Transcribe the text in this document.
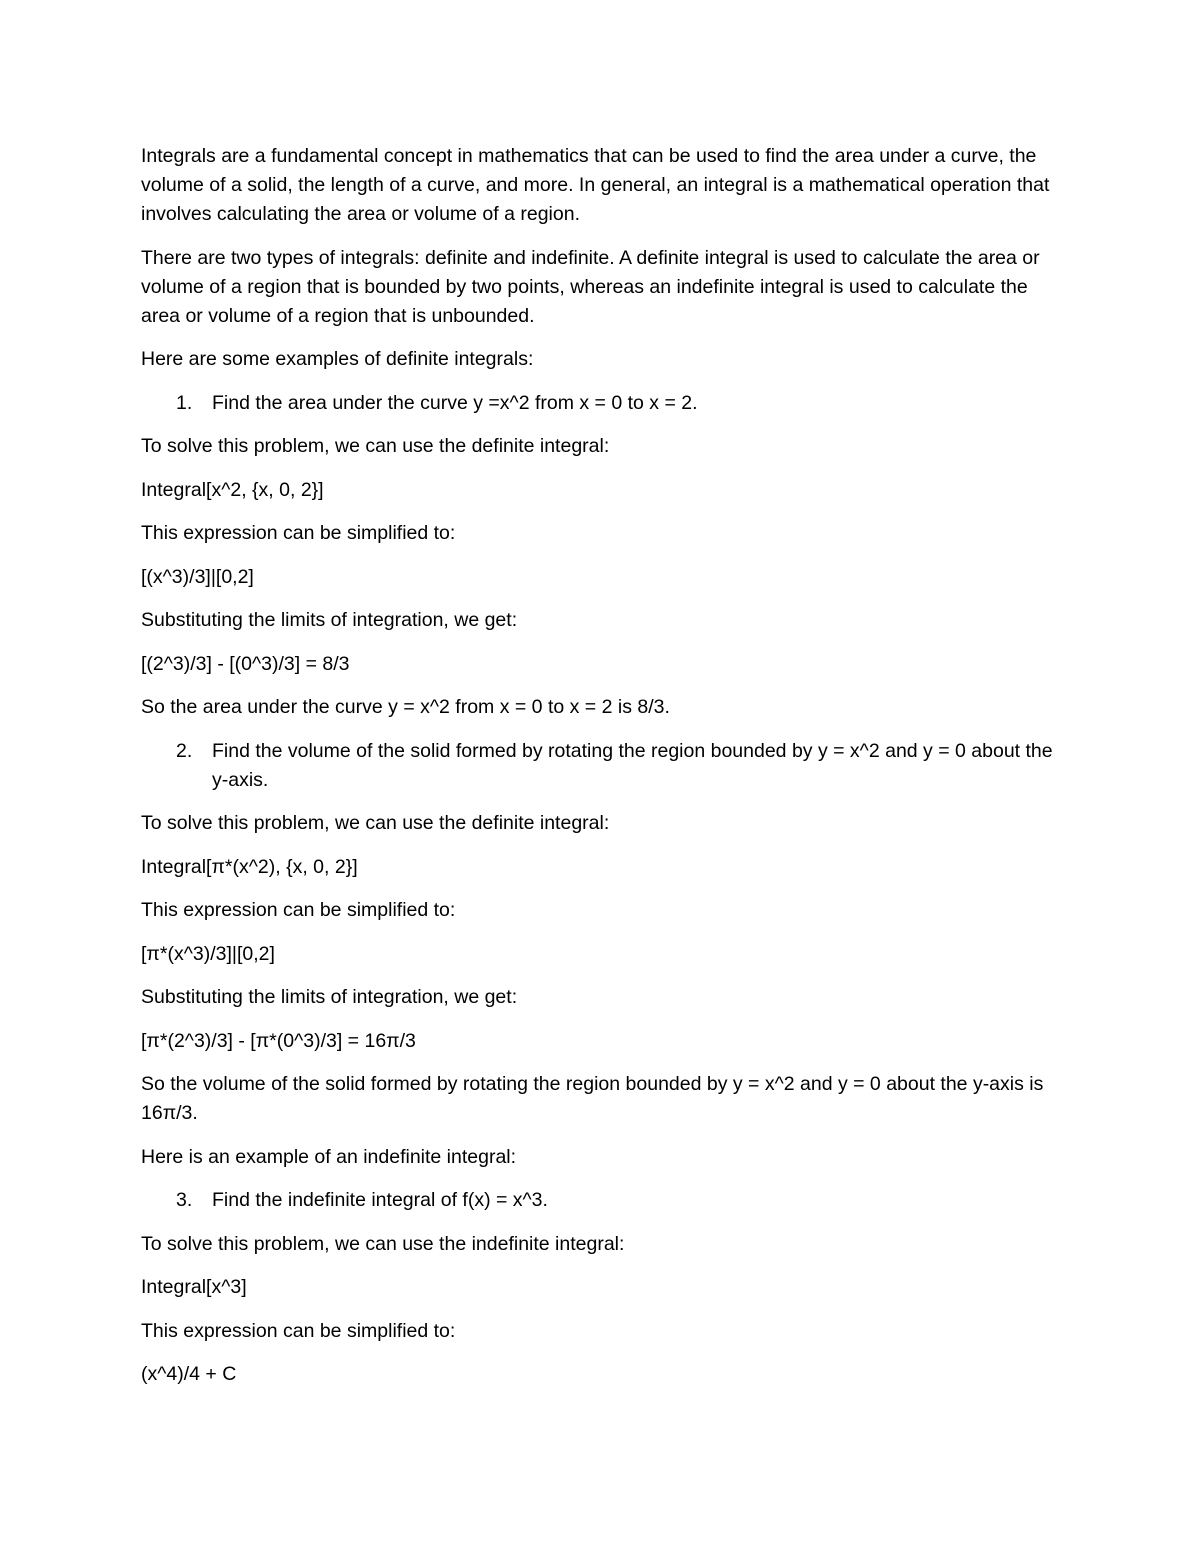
Integrals are a fundamental concept in mathematics that can be used to find the area under a curve, the volume of a solid, the length of a curve, and more. In general, an integral is a mathematical operation that involves calculating the area or volume of a region.

There are two types of integrals: definite and indefinite. A definite integral is used to calculate the area or volume of a region that is bounded by two points, whereas an indefinite integral is used to calculate the area or volume of a region that is unbounded.

Here are some examples of definite integrals:

1.	Find the area under the curve y =x^2 from x = 0 to x = 2.

To solve this problem, we can use the definite integral:

Integral[x^2, {x, 0, 2}]

This expression can be simplified to:

[(x^3)/3]|[0,2]

Substituting the limits of integration, we get:

[(2^3)/3] - [(0^3)/3] = 8/3

So the area under the curve y = x^2 from x = 0 to x = 2 is 8/3.

2.	Find the volume of the solid formed by rotating the region bounded by y = x^2 and y = 0 about the y-axis.

To solve this problem, we can use the definite integral:

Integral[π*(x^2), {x, 0, 2}]

This expression can be simplified to:

[π*(x^3)/3]|[0,2]

Substituting the limits of integration, we get:

[π*(2^3)/3] - [π*(0^3)/3] = 16π/3

So the volume of the solid formed by rotating the region bounded by y = x^2 and y = 0 about the y-axis is 16π/3.

Here is an example of an indefinite integral:

3.	Find the indefinite integral of f(x) = x^3.

To solve this problem, we can use the indefinite integral:

Integral[x^3]

This expression can be simplified to:

(x^4)/4 + C
